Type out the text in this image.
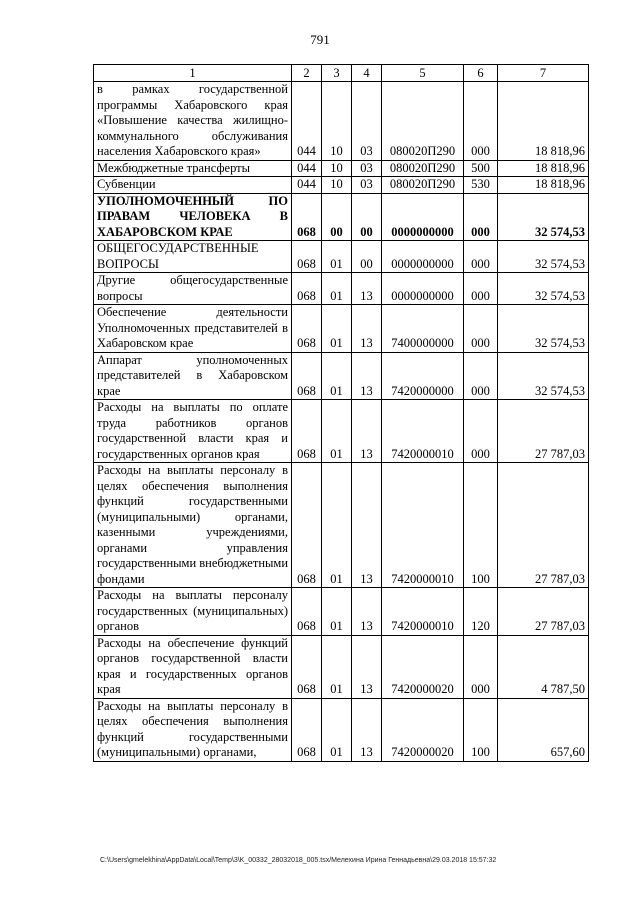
791
1	2	3	4	5	6	7
в рамках государственной программы Хабаровского края «Повышение качества жилищно-коммунального обслуживания населения Хабаровского края»	044	10	03	080020П290	000	18 818,96
Межбюджетные трансферты	044	10	03	080020П290	500	18 818,96
Субвенции	044	10	03	080020П290	530	18 818,96
УПОЛНОМОЧЕННЫЙ ПО ПРАВАМ ЧЕЛОВЕКА В ХАБАРОВСКОМ КРАЕ	068	00	00	0000000000	000	32 574,53
ОБЩЕГОСУДАРСТВЕННЫЕ ВОПРОСЫ	068	01	00	0000000000	000	32 574,53
Другие общегосударственные вопросы	068	01	13	0000000000	000	32 574,53
Обеспечение деятельности Уполномоченных представителей в Хабаровском крае	068	01	13	7400000000	000	32 574,53
Аппарат уполномоченных представителей в Хабаровском крае	068	01	13	7420000000	000	32 574,53
Расходы на выплаты по оплате труда работников органов государственной власти края и государственных органов края	068	01	13	7420000010	000	27 787,03
Расходы на выплаты персоналу в целях обеспечения выполнения функций государственными (муниципальными) органами, казенными учреждениями, органами управления государственными внебюджетными фондами	068	01	13	7420000010	100	27 787,03
Расходы на выплаты персоналу государственных (муниципальных) органов	068	01	13	7420000010	120	27 787,03
Расходы на обеспечение функций органов государственной власти края и государственных органов края	068	01	13	7420000020	000	4 787,50
Расходы на выплаты персоналу в целях обеспечения выполнения функций государственными (муниципальными) органами,	068	01	13	7420000020	100	657,60
C:\Users\gmelekhina\AppData\Local\Temp\3\K_00332_28032018_005.tsx/Мелехина Ирина Геннадьевна\29.03.2018 15:57:32
